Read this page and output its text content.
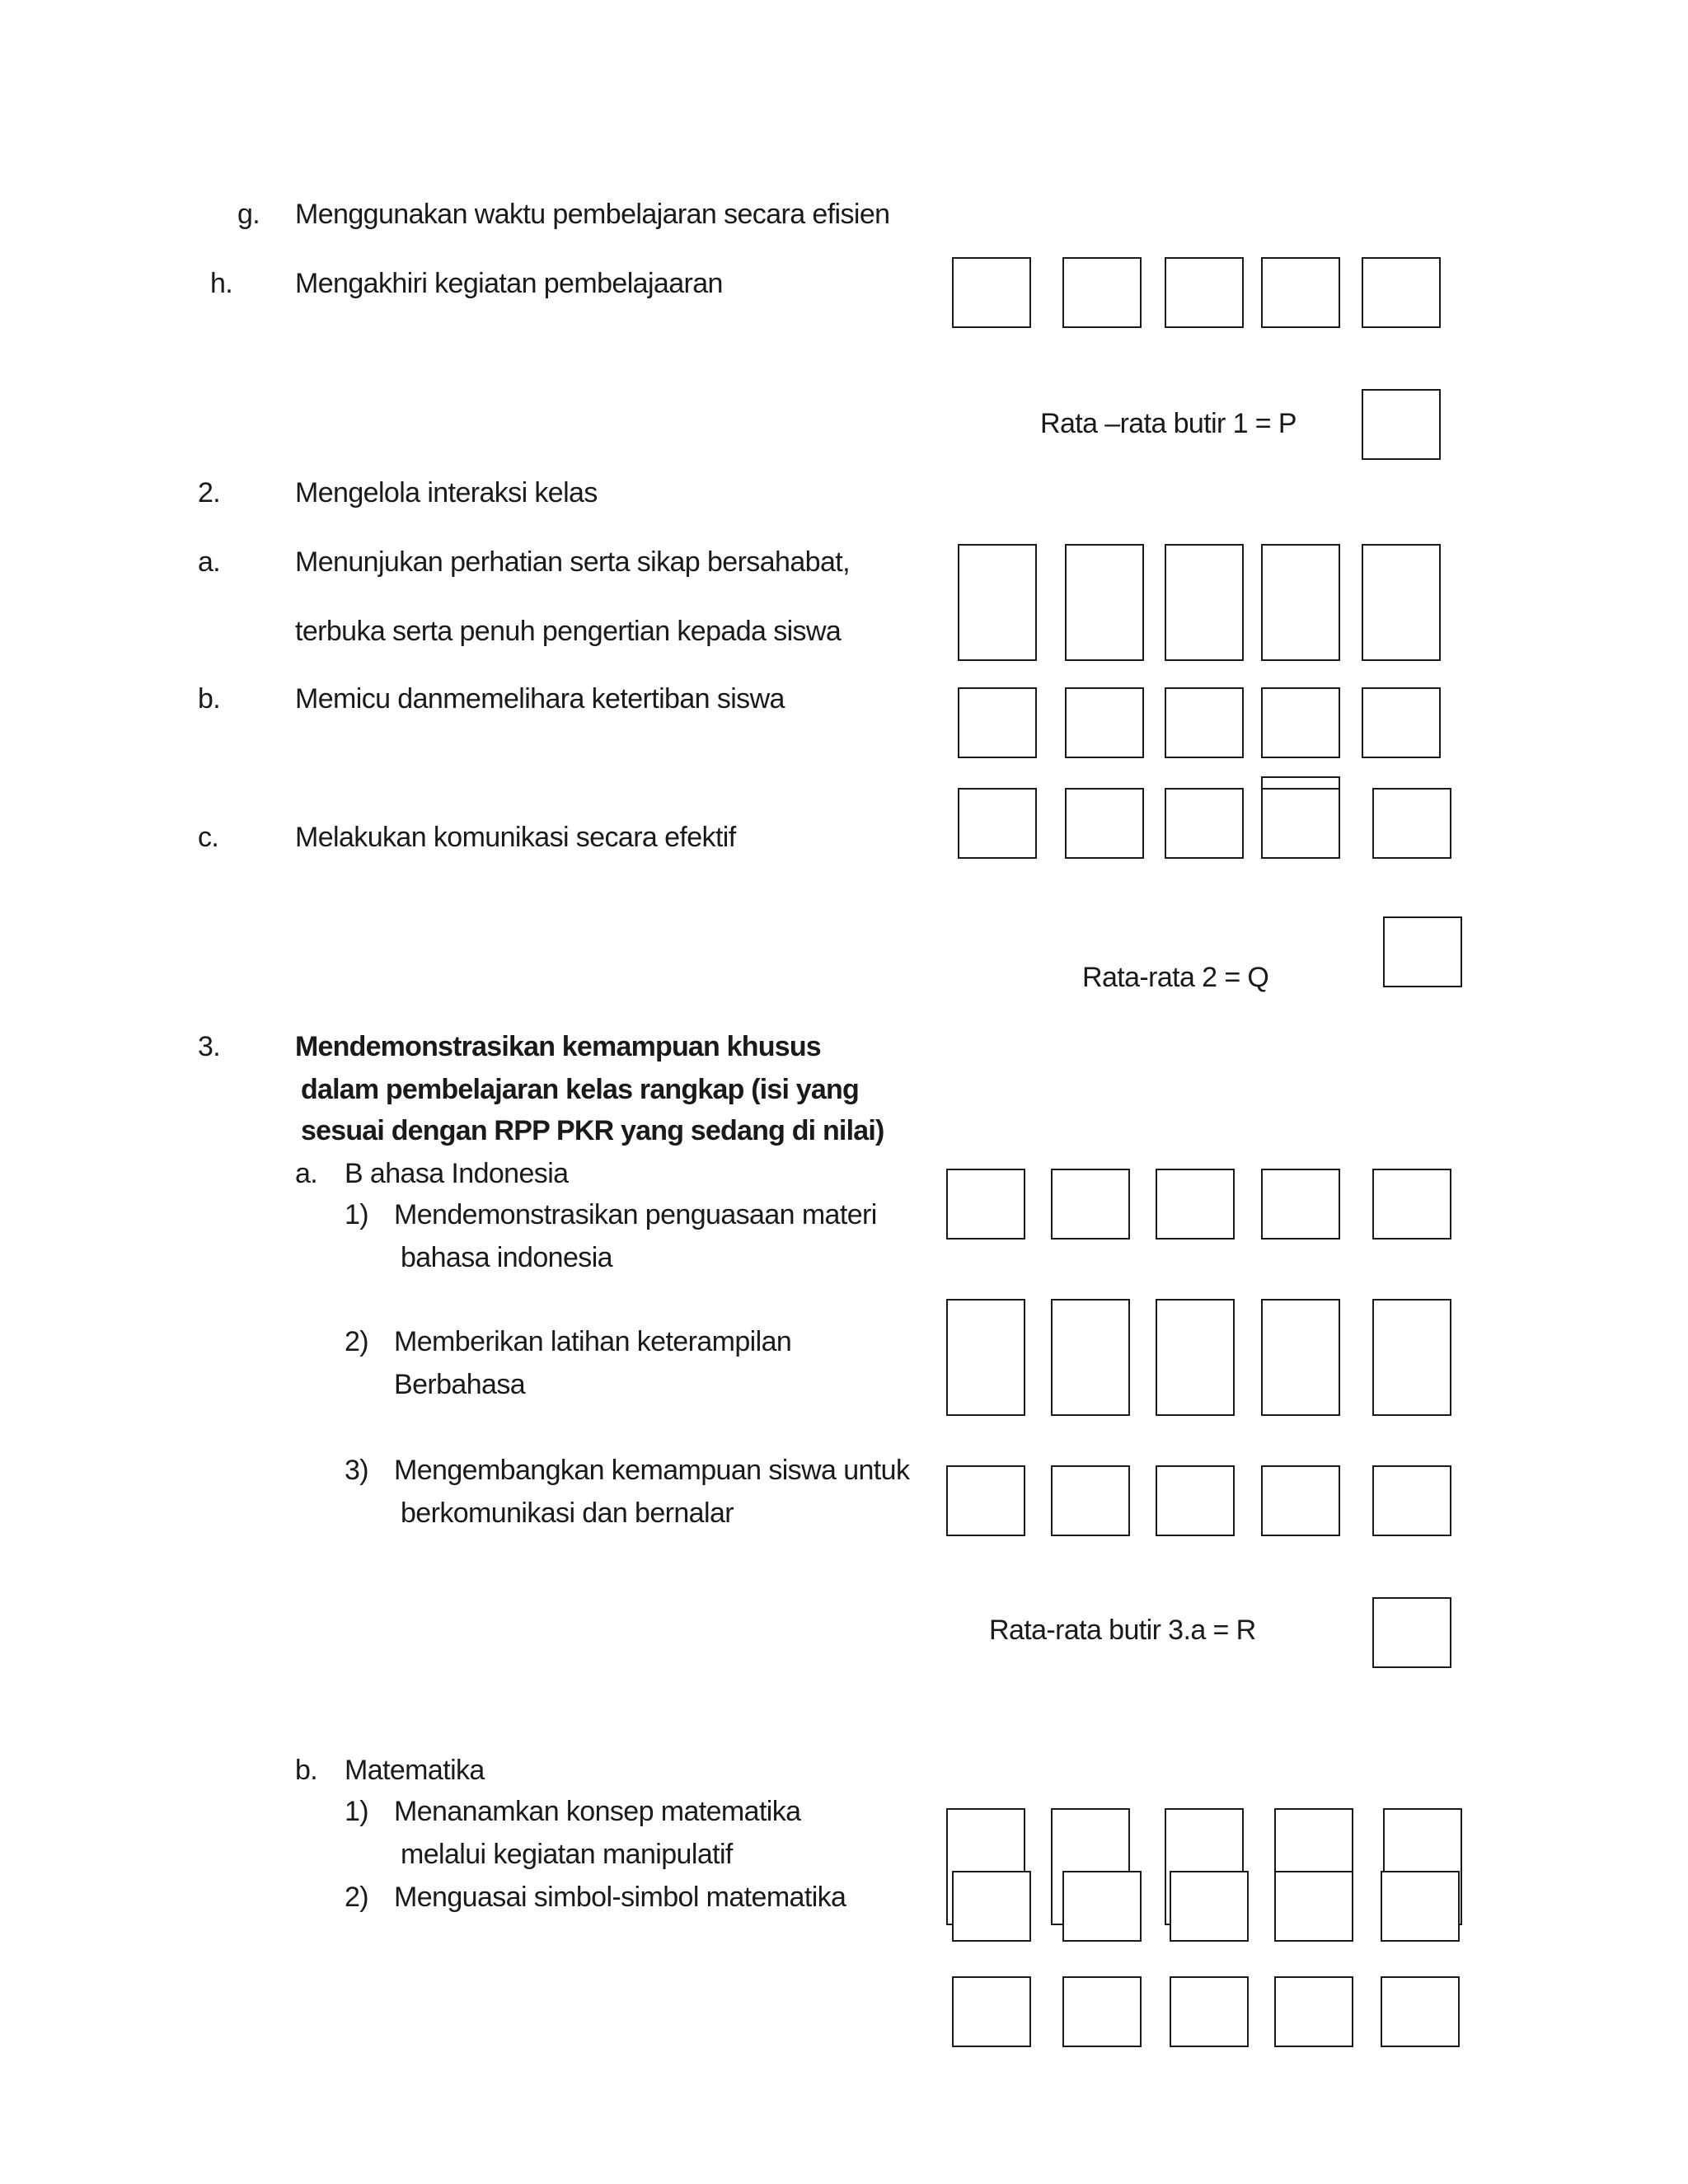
g. Menggunakan waktu pembelajaran secara efisien
h. Mengakhiri kegiatan pembelajaaran
Rata –rata butir 1 = P
2.	Mengelola interaksi kelas
a.	Menunjukan perhatian serta sikap bersahabat,
terbuka serta penuh pengertian kepada siswa
b.	Memicu danmemelihara ketertiban siswa
c.	Melakukan komunikasi secara efektif
Rata-rata 2 = Q
3.	Mendemonstrasikan kemampuan khusus
dalam pembelajaran kelas rangkap (isi yang
sesuai dengan RPP PKR yang sedang di nilai)
a. B ahasa Indonesia
1) Mendemonstrasikan penguasaan materi
bahasa indonesia
2) Memberikan latihan keterampilan
Berbahasa
3) Mengembangkan kemampuan siswa untuk
berkomunikasi dan bernalar
Rata-rata butir 3.a = R
b. Matematika
1) Menanamkan konsep matematika
melalui kegiatan manipulatif
2) Menguasai simbol-simbol matematika
